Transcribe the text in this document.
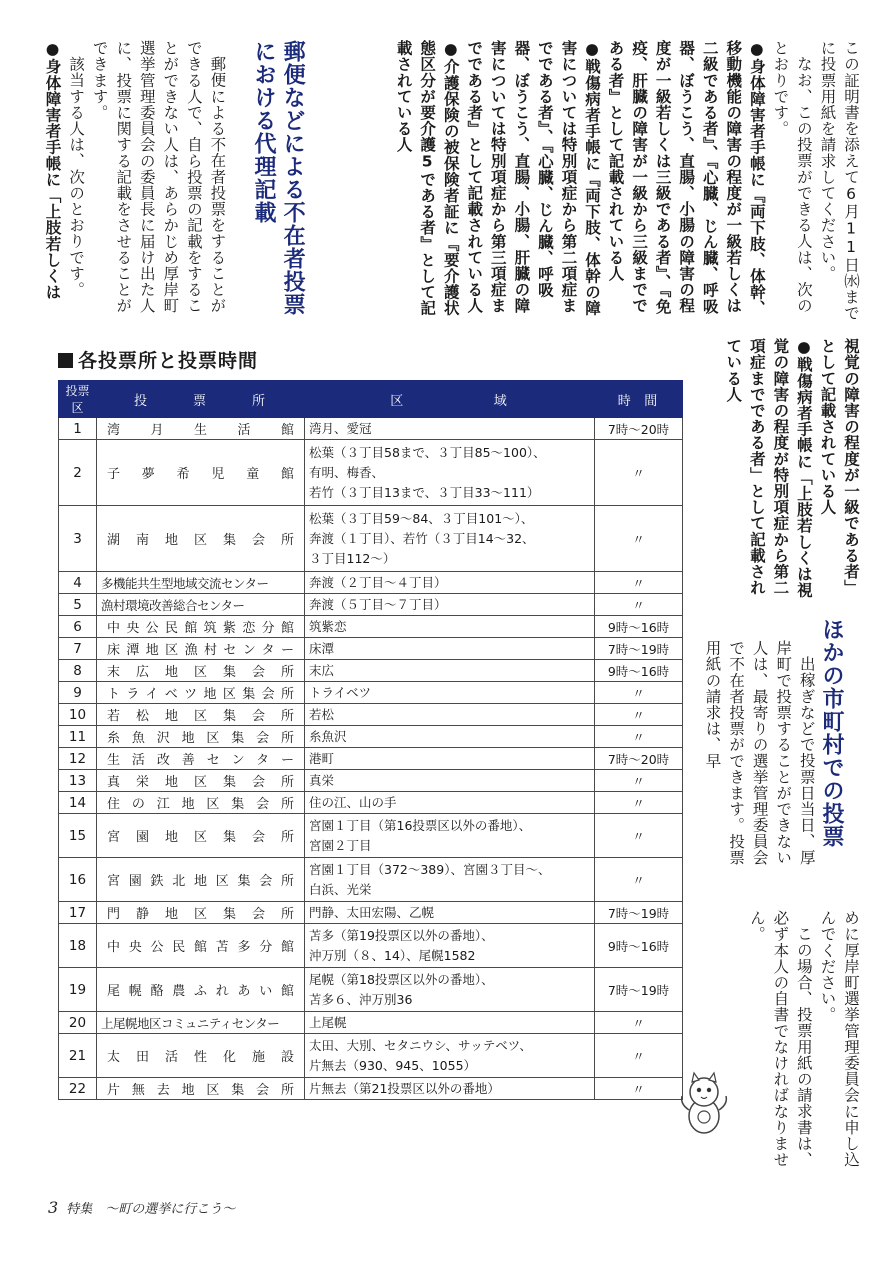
この証明書を添えて6月11日㈬までに投票用紙を請求してください。

なお、この投票ができる人は、次のとおりです。

●身体障害者手帳に『両下肢、体幹、移動機能の障害の程度が一級若しくは二級である者』、『心臓、じん臓、呼吸器、ぼうこう、直腸、小腸の障害の程度が一級若しくは三級である者』、『免疫、肝臓の障害が一級から三級までである者』として記載されている人

●戦傷病者手帳に『両下肢、体幹の障害については特別項症から第二項症までである者』、『心臓、じん臓、呼吸器、ぼうこう、直腸、小腸、肝臓の障害については特別項症から第三項症までである者』として記載されている人

●介護保険の被保険者証に『要介護状態区分が要介護5である者』として記載されている人

郵便などによる不在者投票における代理記載

郵便による不在者投票をすることができる人で、自ら投票の記載をすることができない人は、あらかじめ厚岸町選挙管理委員会の委員長に届け出た人に、投票に関する記載をさせることができます。

該当する人は、次のとおりです。

●身体障害者手帳に「上肢若しくは

視覚の障害の程度が一級である者」として記載されている人

●戦傷病者手帳に「上肢若しくは視覚の障害の程度が特別項症から第二項症までである者」として記載されている人

ほかの市町村での投票

出稼ぎなどで投票日当日、厚岸町で投票することができない人は、最寄りの選挙管理委員会で不在者投票ができます。投票用紙の請求は、早

めに厚岸町選挙管理委員会に申し込んでください。

この場合、投票用紙の請求書は、必ず本人の自書でなければなりません。

各投票所と投票時間
投票区	投 票 所	区 域	時 間

1	湾月生活館	湾月、愛冠	7時～20時
2	子夢希児童館	松葉（３丁目58まで、３丁目85～100）、
有明、梅香、
若竹（３丁目13まで、３丁目33～111）	〃
3	湖南地区集会所	松葉（３丁目59～84、３丁目101～）、
奔渡（１丁目）、若竹（３丁目14～32、
３丁目112～）	〃
4	多機能共生型地域交流センター	奔渡（２丁目～４丁目）	〃
5	漁村環境改善総合センター	奔渡（５丁目～７丁目）	〃
6	中央公民館筑紫恋分館	筑紫恋	9時～16時
7	床潭地区漁村センター	床潭	7時～19時
8	末広地区集会所	末広	9時～16時
9	トライベツ地区集会所	トライベツ	〃
10	若松地区集会所	若松	〃
11	糸魚沢地区集会所	糸魚沢	〃
12	生活改善センター	港町	7時～20時
13	真栄地区集会所	真栄	〃
14	住の江地区集会所	住の江、山の手	〃
15	宮園地区集会所	宮園１丁目（第16投票区以外の番地）、
宮園２丁目	〃
16	宮園鉄北地区集会所	宮園１丁目（372～389）、宮園３丁目～、
白浜、光栄	〃
17	門静地区集会所	門静、太田宏陽、乙幌	7時～19時
18	中央公民館苫多分館	苫多（第19投票区以外の番地）、
沖万別（８、14）、尾幌1582	9時～16時
19	尾幌酪農ふれあい館	尾幌（第18投票区以外の番地）、
苫多６、沖万別36	7時～19時
20	上尾幌地区コミュニティセンター	上尾幌	〃
21	太田活性化施設	太田、大別、セタニウシ、サッテベツ、
片無去（930、945、1055）	〃
22	片無去地区集会所	片無去（第21投票区以外の番地）	〃
3 特集　～町の選挙に行こう～
